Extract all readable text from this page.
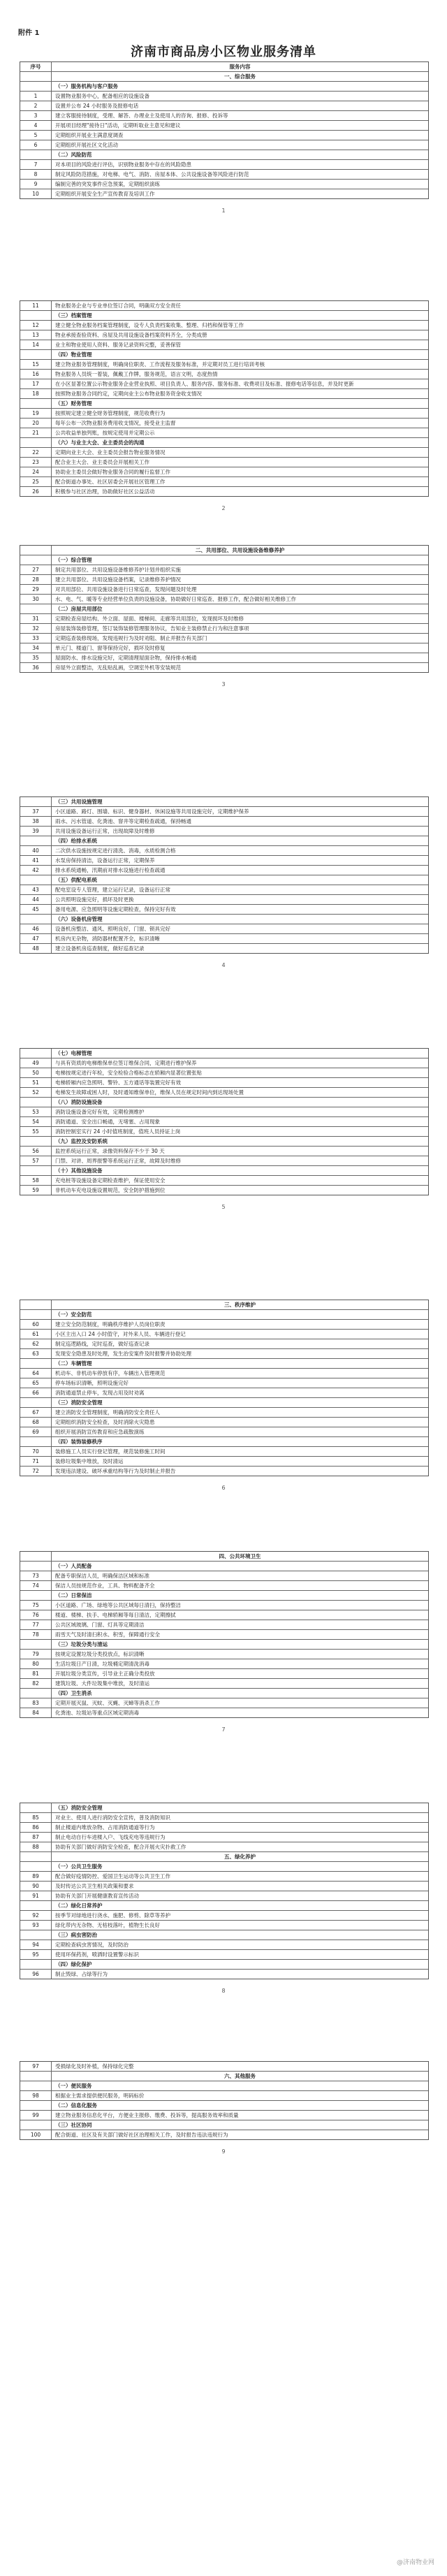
附件 1
济南市商品房小区物业服务清单
序号	服务内容
一、综合服务
（一）服务机构与客户服务
1	设置物业服务中心，配备相应的设施设备
2	设置并公布 24 小时服务及报修电话
3	建立客服接待制度，受理、解答、办理业主及使用人的咨询、报修、投诉等
4	开展项目经理"接待日"活动，定期听取业主意见和建议
5	定期组织开展业主满意度调查
6	定期组织开展社区文化活动
（二）风险防范
7	对本项目的风险进行评估，识别物业服务中存在的风险隐患
8	制定风险防范措施，对电梯、电气、消防、房屋本体、公共设施设备等风险进行防范
9	编制完善的突发事件应急预案，定期组织演练
10	定期组织开展安全生产宣传教育及培训工作
1
11	物业服务企业与专业单位签订合同，明确双方安全责任
（三）档案管理
12	建立健全物业服务档案管理制度，设专人负责档案收集、整理、归档和保管等工作
13	物业承接查验资料、房屋及共用设施设备档案资料齐全，分类成册
14	业主和物业使用人资料、服务记录资料完整，妥善保管
（四）物业管理
15	建立物业服务管理制度，明确岗位职责、工作流程及服务标准，并定期对员工进行培训考核
16	物业服务人员统一着装，佩戴工作牌，服务规范，语言文明，态度热情
17	在小区显著位置公示物业服务企业营业执照、项目负责人、服务内容、服务标准、收费项目及标准、报修电话等信息，并及时更新
18	按照物业服务合同约定，定期向业主公布物业服务资金收支情况
（五）财务管理
19	按照规定建立健全财务管理制度，规范收费行为
20	每年公布一次物业服务费用收支情况，接受业主监督
21	公共收益单独列账，按规定使用并定期公示
（六）与业主大会、业主委员会的沟通
22	定期向业主大会、业主委员会报告物业服务情况
23	配合业主大会、业主委员会开展相关工作
24	协助业主委员会做好物业服务合同的履行监督工作
25	配合街道办事处、社区居委会开展社区管理工作
26	积极参与社区治理，协助做好社区公益活动
2
二、共用部位、共用设施设备维修养护
（一）综合管理
27	制定共用部位、共用设施设备维修养护计划并组织实施
28	建立共用部位、共用设施设备档案，记录维修养护情况
29	对共用部位、共用设施设备进行日常巡查，发现问题及时处理
30	水、电、气、暖等专业经营单位负责的设施设备，协助做好日常巡查、报修工作，配合做好相关维修工作
（二）房屋共用部位
31	定期检查房屋结构、外立面、屋面、楼梯间、走廊等共用部位，发现损坏及时维修
32	房屋装饰装修管理，签订装饰装修管理服务协议，告知业主装修禁止行为和注意事项
33	定期巡查装修现场，发现违规行为及时劝阻、制止并报告有关部门
34	单元门、楼道门、窗等保持完好，损坏及时修复
35	屋面防水、排水设施完好，定期清理屋面杂物，保持排水畅通
36	房屋外立面整洁，无乱贴乱画，空调室外机等安装规范
3
（三）共用设施管理
37	小区道路、路灯、围墙、标识、健身器材、休闲设施等共用设施完好，定期维护保养
38	雨水、污水管道、化粪池、窨井等定期检查疏通，保持畅通
39	共用设施设备运行正常，出现故障及时维修
（四）给排水系统
40	二次供水设施按规定进行清洗、消毒，水质检测合格
41	水泵房保持清洁，设备运行正常，定期保养
42	排水系统通畅，汛期前对排水设施进行检查疏通
（五）供配电系统
43	配电室设专人管理，建立运行记录，设备运行正常
44	公共照明设施完好，损坏及时更换
45	备用电源、应急照明等设施定期检查，保持完好有效
（六）设备机房管理
46	设备机房整洁、通风、照明良好，门窗、锁具完好
47	机房内无杂物，消防器材配置齐全，标识清晰
48	建立设备机房巡查制度，做好巡查记录
4
（七）电梯管理
49	与具有资质的电梯维保单位签订维保合同，定期进行维护保养
50	电梯按规定进行年检，安全检验合格标志在轿厢内显著位置张贴
51	电梯轿厢内应急照明、警铃、五方通话等装置完好有效
52	电梯发生故障或困人时，及时通知维保单位，维保人员在规定时间内到达现场处置
（八）消防设施设备
53	消防设施设备完好有效，定期检测维护
54	消防通道、安全出口畅通，无堵塞、占用现象
55	消防控制室实行 24 小时值班制度，值班人员持证上岗
（九）监控及安防系统
56	监控系统运行正常，录像资料保存不少于 30 天
57	门禁、对讲、周界报警等系统运行正常，故障及时维修
（十）其他设施设备
58	充电桩等设施设备定期检查维护，保证使用安全
59	非机动车充电设施设置规范，安全防护措施到位
5
三、秩序维护
（一）安全防范
60	建立安全防范制度，明确秩序维护人员岗位职责
61	小区主出入口 24 小时值守，对外来人员、车辆进行登记
62	制定巡逻路线，定时巡查，做好巡查记录
63	发现安全隐患及时处理，发生治安案件及时报警并协助处理
（二）车辆管理
64	机动车、非机动车停放有序，车辆出入管理规范
65	停车场标识清晰，照明设施完好
66	消防通道禁止停车，发现占用及时劝离
（三）消防安全管理
67	建立消防安全管理制度，明确消防安全责任人
68	定期组织消防安全检查，及时消除火灾隐患
69	组织开展消防宣传教育和应急疏散演练
（四）装饰装修秩序
70	装修施工人员实行登记管理，规范装修施工时间
71	装修垃圾集中堆放，及时清运
72	发现违法建设、破坏承重结构等行为及时制止并报告
6
四、公共环境卫生
（一）人员配备
73	配备专职保洁人员，明确保洁区域和标准
74	保洁人员按规范作业，工具、物料配备齐全
（二）日常保洁
75	小区道路、广场、绿地等公共区域每日清扫，保持整洁
76	楼道、楼梯、扶手、电梯轿厢等每日清洁，定期擦拭
77	公共区域玻璃、门窗、灯具等定期清洁
78	雨雪天气及时清扫积水、积雪，保障通行安全
（三）垃圾分类与清运
79	按规定设置垃圾分类投放点，标识清晰
80	生活垃圾日产日清，垃圾桶定期清洗消毒
81	开展垃圾分类宣传，引导业主正确分类投放
82	建筑垃圾、大件垃圾集中堆放，及时清运
（四）卫生消杀
83	定期开展灭鼠、灭蚊、灭蝇、灭蟑等消杀工作
84	化粪池、垃圾站等重点区域定期消毒
7
（五）消防安全管理
85	对业主、使用人进行消防安全宣传，普及消防知识
86	制止楼道内堆放杂物、占用消防通道等行为
87	制止电动自行车进楼入户、飞线充电等违规行为
88	协助有关部门做好消防安全检查，配合开展火灾扑救工作
五、绿化养护
（一）公共卫生服务
89	配合做好疫情防控、爱国卫生运动等公共卫生工作
90	及时传达公共卫生相关政策和要求
91	协助有关部门开展健康教育宣传活动
（二）绿化日常养护
92	按季节对绿地进行浇水、施肥、修剪、除草等养护
93	绿化带内无杂物、无枯枝落叶，植物生长良好
（三）病虫害防治
94	定期检查病虫害情况，及时防治
95	使用环保药剂，喷洒时设置警示标识
（四）绿化保护
96	制止毁绿、占绿等行为
8
97	受损绿化及时补植，保持绿化完整
六、其他服务
（一）便民服务
98	根据业主需求提供便民服务，明码标价
（二）信息化服务
99	建立物业服务信息化平台，方便业主报修、缴费、投诉等，提高服务效率和质量
（三）社区协同
100	配合街道、社区及有关部门做好社区治理相关工作，及时报告违法违规行为
9
@济南物业网
